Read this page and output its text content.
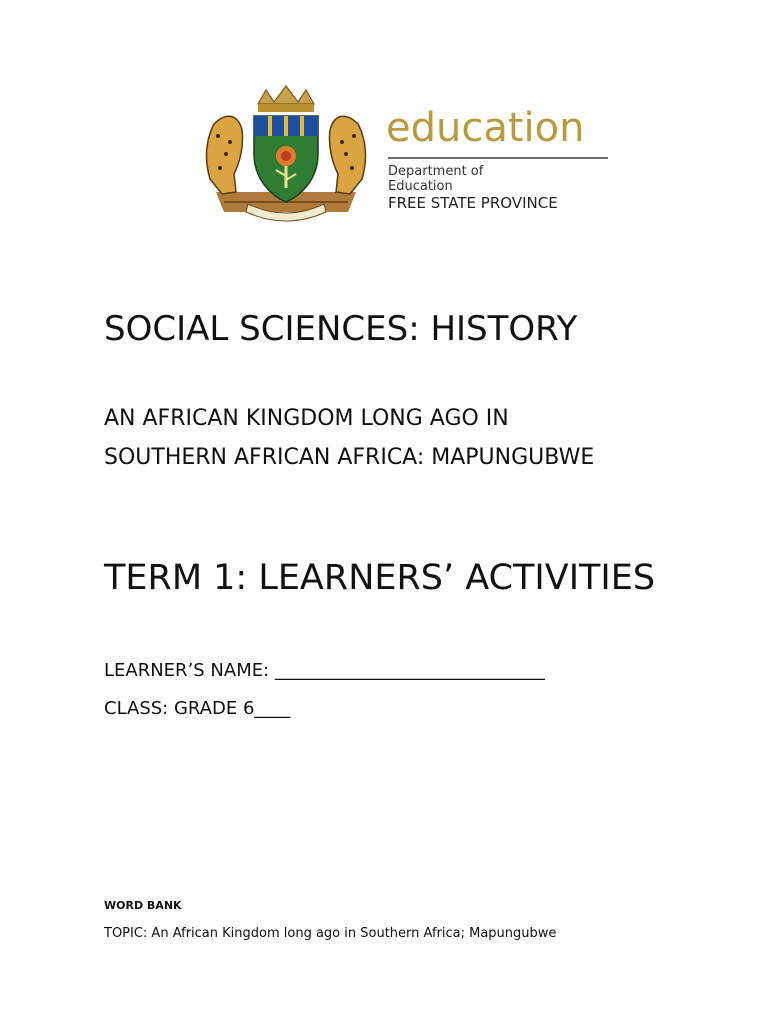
education
Department of
Education
FREE STATE PROVINCE
SOCIAL SCIENCES: HISTORY
AN AFRICAN KINGDOM LONG AGO IN
SOUTHERN AFRICAN AFRICA: MAPUNGUBWE
TERM 1: LEARNERS’ ACTIVITIES
LEARNER’S NAME: ______________________________
CLASS: GRADE 6____
WORD BANK
TOPIC: An African Kingdom long ago in Southern Africa; Mapungubwe
